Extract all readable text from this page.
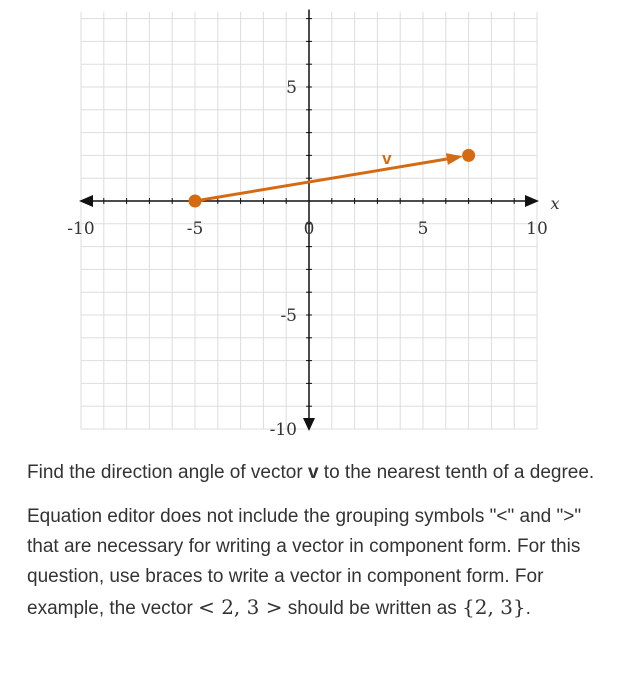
-10	-5	0	5	10
5
-5
-10
x
v

Find the direction angle of vector v to the nearest tenth of a degree.

Equation editor does not include the grouping symbols "<" and ">" that are necessary for writing a vector in component form. For this question, use braces to write a vector in component form. For example, the vector < 2, 3 > should be written as {2, 3}.
